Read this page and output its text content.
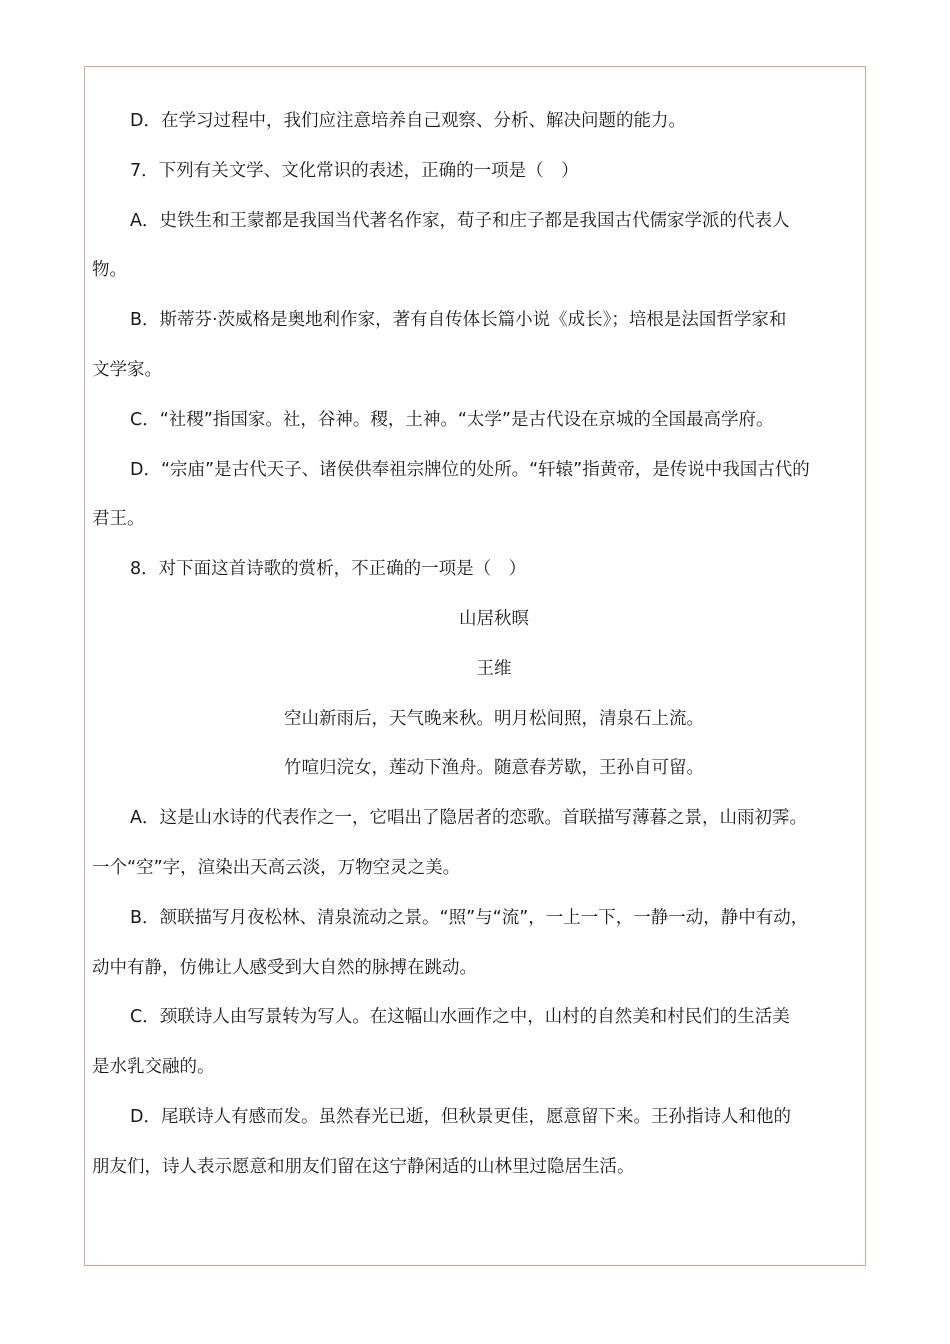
D．在学习过程中，我们应注意培养自己观察、分析、解决问题的能力。
7．下列有关文学、文化常识的表述，正确的一项是（　）
A．史铁生和王蒙都是我国当代著名作家，荀子和庄子都是我国古代儒家学派的代表人
物。
B．斯蒂芬·茨威格是奥地利作家，著有自传体长篇小说《成长》；培根是法国哲学家和
文学家。
C．“社稷”指国家。社，谷神。稷，土神。“太学”是古代设在京城的全国最高学府。
D．“宗庙”是古代天子、诸侯供奉祖宗牌位的处所。“轩辕”指黄帝，是传说中我国古代的
君王。
8．对下面这首诗歌的赏析，不正确的一项是（　）
山居秋暝
王维
空山新雨后，天气晚来秋。明月松间照，清泉石上流。
竹喧归浣女，莲动下渔舟。随意春芳歇，王孙自可留。
A．这是山水诗的代表作之一，它唱出了隐居者的恋歌。首联描写薄暮之景，山雨初霁。
一个“空”字，渲染出天高云淡，万物空灵之美。
B．颔联描写月夜松林、清泉流动之景。“照”与“流”，一上一下，一静一动，静中有动，
动中有静，仿佛让人感受到大自然的脉搏在跳动。
C．颈联诗人由写景转为写人。在这幅山水画作之中，山村的自然美和村民们的生活美
是水乳交融的。
D．尾联诗人有感而发。虽然春光已逝，但秋景更佳，愿意留下来。王孙指诗人和他的
朋友们，诗人表示愿意和朋友们留在这宁静闲适的山林里过隐居生活。
